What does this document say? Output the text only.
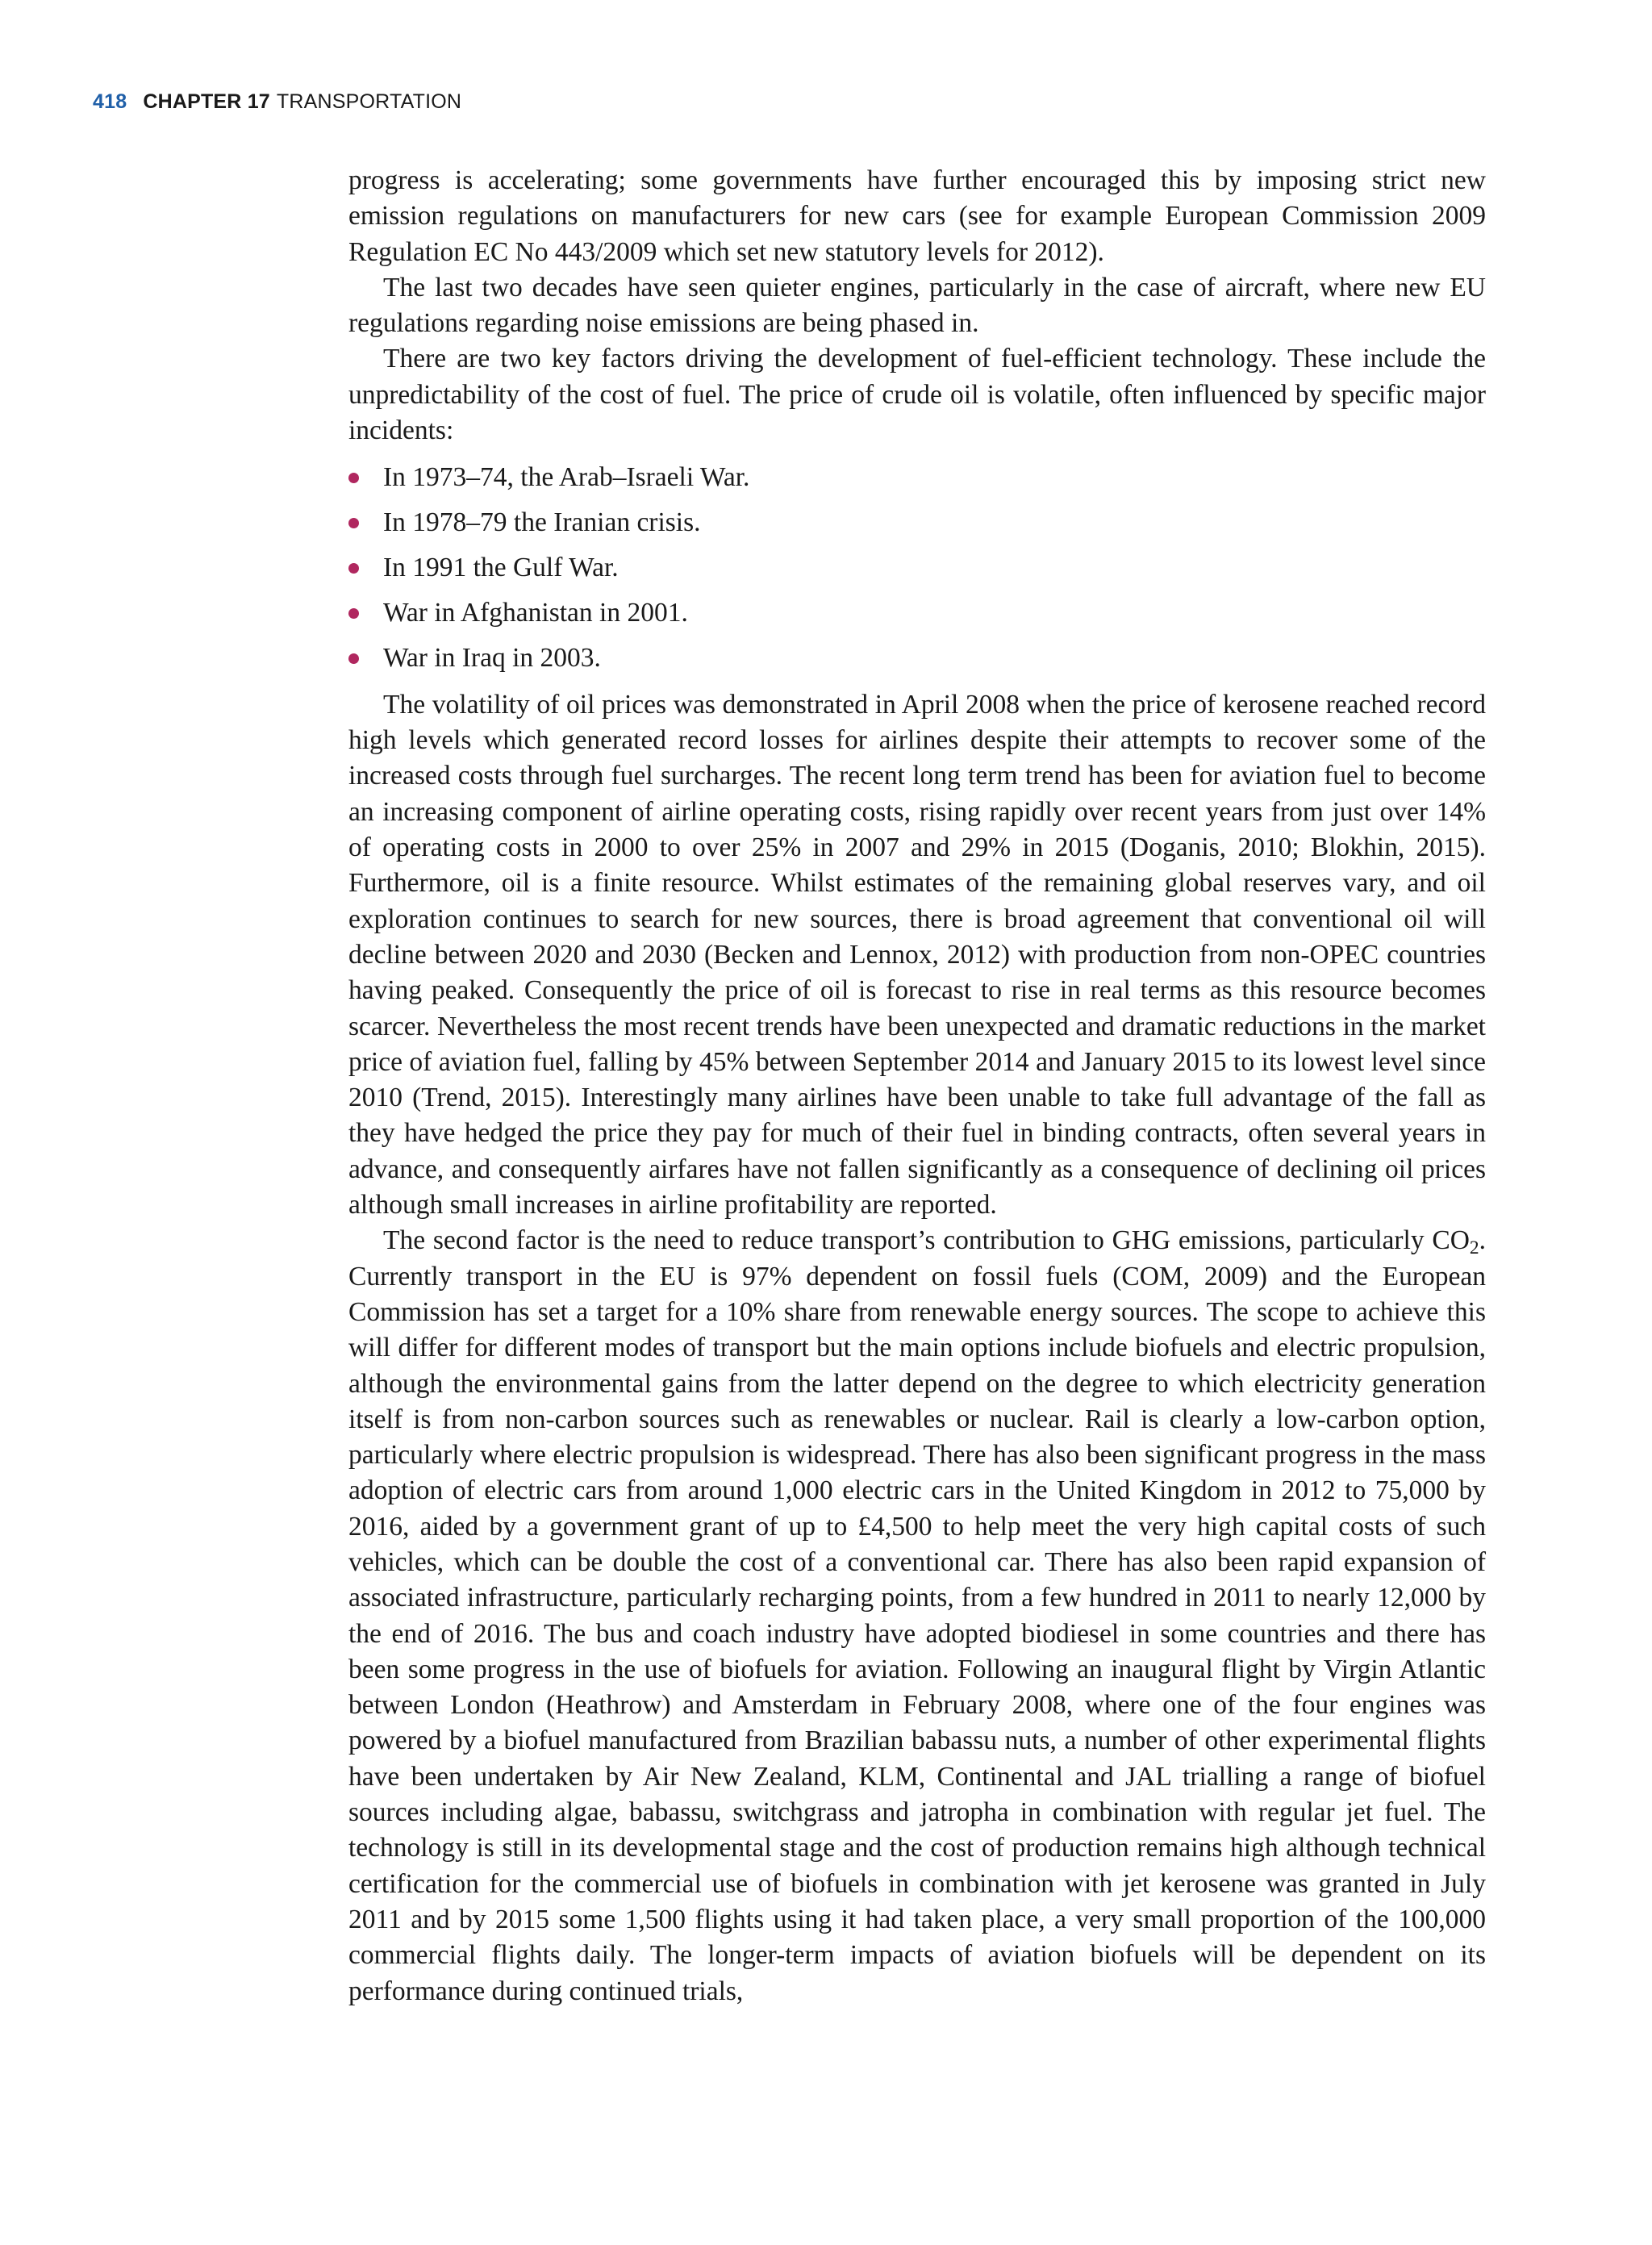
418 CHAPTER 17 TRANSPORTATION

progress is accelerating; some governments have further encouraged this by imposing strict new emission regulations on manufacturers for new cars (see for example European Commission 2009 Regulation EC No 443/2009 which set new statutory levels for 2012).

The last two decades have seen quieter engines, particularly in the case of aircraft, where new EU regulations regarding noise emissions are being phased in.

There are two key factors driving the development of fuel-efficient technology. These include the unpredictability of the cost of fuel. The price of crude oil is volatile, often influenced by specific major incidents:

In 1973–74, the Arab–Israeli War.
In 1978–79 the Iranian crisis.
In 1991 the Gulf War.
War in Afghanistan in 2001.
War in Iraq in 2003.

The volatility of oil prices was demonstrated in April 2008 when the price of kerosene reached record high levels which generated record losses for airlines despite their attempts to recover some of the increased costs through fuel surcharges. The recent long term trend has been for aviation fuel to become an increasing component of airline operating costs, rising rapidly over recent years from just over 14% of operating costs in 2000 to over 25% in 2007 and 29% in 2015 (Doganis, 2010; Blokhin, 2015). Furthermore, oil is a finite resource. Whilst estimates of the remaining global reserves vary, and oil exploration continues to search for new sources, there is broad agreement that conventional oil will decline between 2020 and 2030 (Becken and Lennox, 2012) with production from non-OPEC countries having peaked. Consequently the price of oil is forecast to rise in real terms as this resource becomes scarcer. Nevertheless the most recent trends have been unexpected and dramatic reductions in the market price of aviation fuel, falling by 45% between September 2014 and January 2015 to its lowest level since 2010 (Trend, 2015). Interestingly many airlines have been unable to take full advantage of the fall as they have hedged the price they pay for much of their fuel in binding contracts, often several years in advance, and consequently airfares have not fallen significantly as a consequence of declining oil prices although small increases in airline profitability are reported.

The second factor is the need to reduce transport’s contribution to GHG emissions, particularly $CO_2$. Currently transport in the EU is 97% dependent on fossil fuels (COM, 2009) and the European Commission has set a target for a 10% share from renewable energy sources. The scope to achieve this will differ for different modes of transport but the main options include biofuels and electric propulsion, although the environmental gains from the latter depend on the degree to which electricity generation itself is from non-carbon sources such as renewables or nuclear. Rail is clearly a low-carbon option, particularly where electric propulsion is widespread. There has also been significant progress in the mass adoption of electric cars from around 1,000 electric cars in the United Kingdom in 2012 to 75,000 by 2016, aided by a government grant of up to £4,500 to help meet the very high capital costs of such vehicles, which can be double the cost of a conventional car. There has also been rapid expansion of associated infrastructure, particularly recharging points, from a few hundred in 2011 to nearly 12,000 by the end of 2016. The bus and coach industry have adopted biodiesel in some countries and there has been some progress in the use of biofuels for aviation. Following an inaugural flight by Virgin Atlantic between London (Heathrow) and Amsterdam in February 2008, where one of the four engines was powered by a biofuel manufactured from Brazilian babassu nuts, a number of other experimental flights have been undertaken by Air New Zealand, KLM, Continental and JAL trialling a range of biofuel sources including algae, babassu, switchgrass and jatropha in combination with regular jet fuel. The technology is still in its developmental stage and the cost of production remains high although technical certification for the commercial use of biofuels in combination with jet kerosene was granted in July 2011 and by 2015 some 1,500 flights using it had taken place, a very small proportion of the 100,000 commercial flights daily. The longer-term impacts of aviation biofuels will be dependent on its performance during continued trials,
